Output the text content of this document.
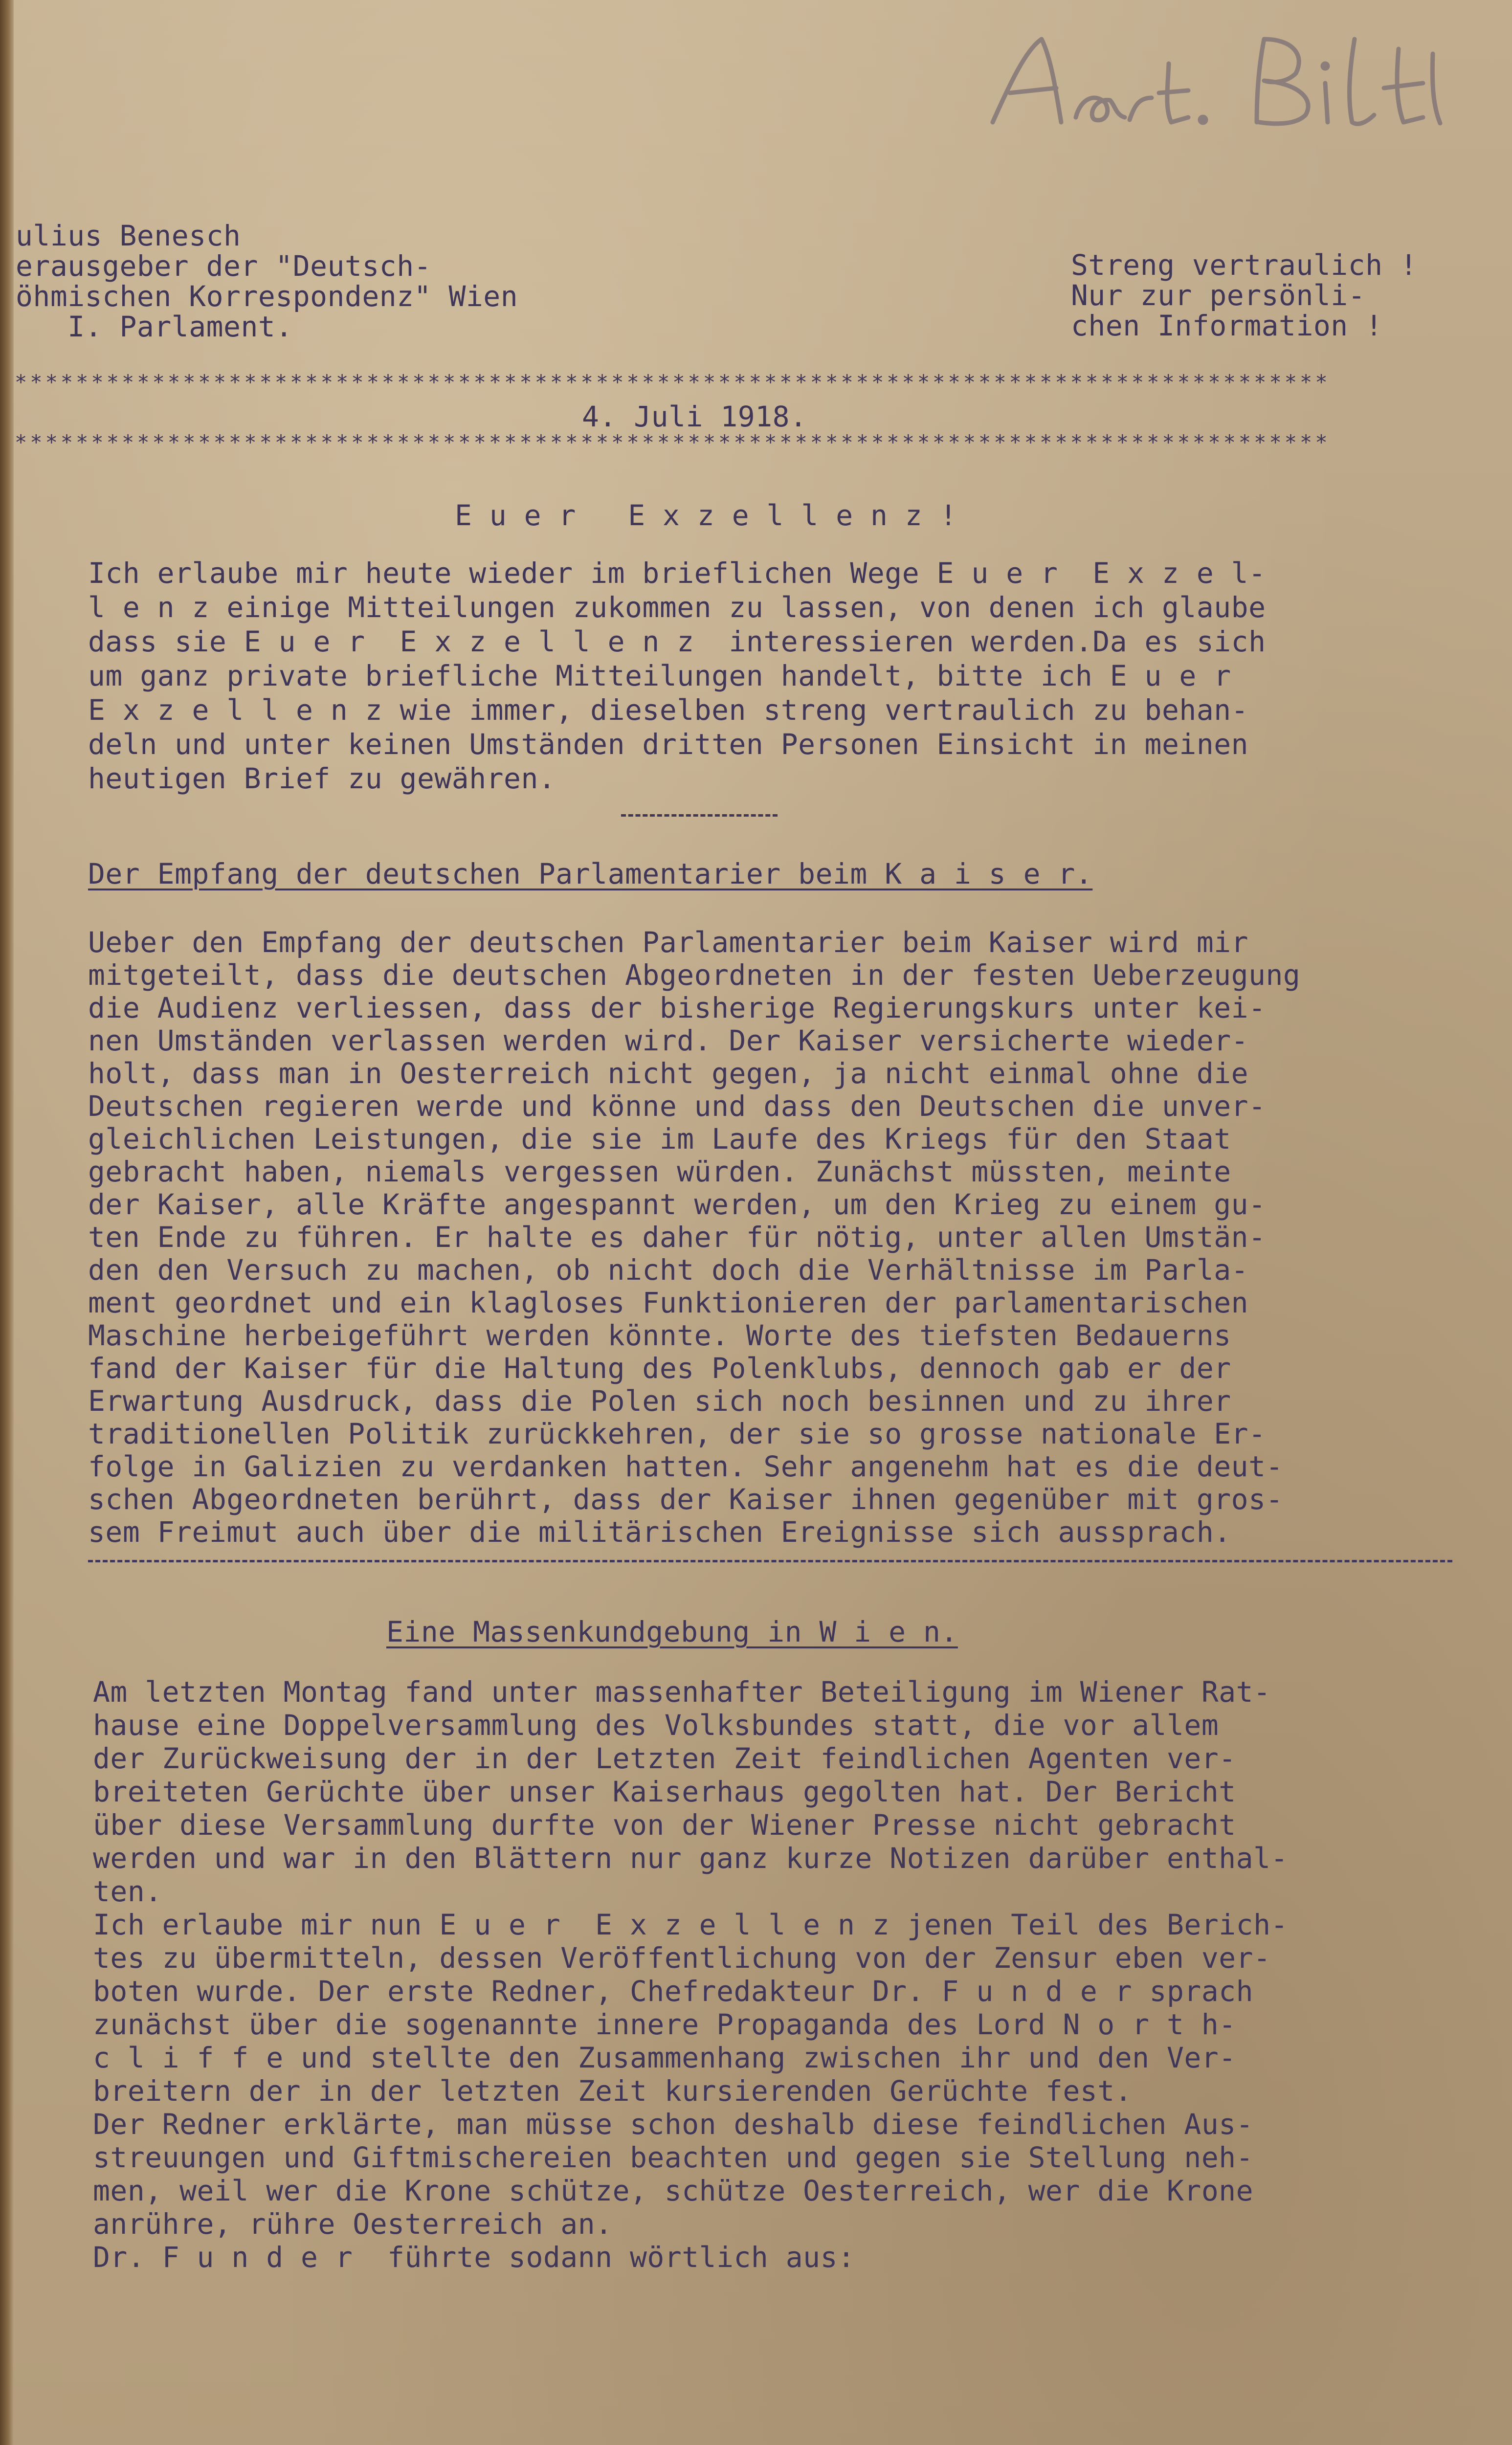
ulius Benesch
erausgeber der "Deutsch-
öhmischen Korrespondenz" Wien
I. Parlament.
Streng vertraulich !
Nur zur persönli-
chen Information !
**************************************************************************************
4. Juli 1918.
**************************************************************************************
E u e r   E x z e l l e n z !
Ich erlaube mir heute wieder im brieflichen Wege E u e r  E x z e l-
l e n z einige Mitteilungen zukommen zu lassen, von denen ich glaube
dass sie E u e r  E x z e l l e n z  interessieren werden.Da es sich
um ganz private briefliche Mitteilungen handelt, bitte ich E u e r
E x z e l l e n z wie immer, dieselben streng vertraulich zu behan-
deln und unter keinen Umständen dritten Personen Einsicht in meinen
heutigen Brief zu gewähren.
Der Empfang der deutschen Parlamentarier beim K a i s e r.
Ueber den Empfang der deutschen Parlamentarier beim Kaiser wird mir
mitgeteilt, dass die deutschen Abgeordneten in der festen Ueberzeugung
die Audienz verliessen, dass der bisherige Regierungskurs unter kei-
nen Umständen verlassen werden wird. Der Kaiser versicherte wieder-
holt, dass man in Oesterreich nicht gegen, ja nicht einmal ohne die
Deutschen regieren werde und könne und dass den Deutschen die unver-
gleichlichen Leistungen, die sie im Laufe des Kriegs für den Staat
gebracht haben, niemals vergessen würden. Zunächst müssten, meinte
der Kaiser, alle Kräfte angespannt werden, um den Krieg zu einem gu-
ten Ende zu führen. Er halte es daher für nötig, unter allen Umstän-
den den Versuch zu machen, ob nicht doch die Verhältnisse im Parla-
ment geordnet und ein klagloses Funktionieren der parlamentarischen
Maschine herbeigeführt werden könnte. Worte des tiefsten Bedauerns
fand der Kaiser für die Haltung des Polenklubs, dennoch gab er der
Erwartung Ausdruck, dass die Polen sich noch besinnen und zu ihrer
traditionellen Politik zurückkehren, der sie so grosse nationale Er-
folge in Galizien zu verdanken hatten. Sehr angenehm hat es die deut-
schen Abgeordneten berührt, dass der Kaiser ihnen gegenüber mit gros-
sem Freimut auch über die militärischen Ereignisse sich aussprach.
Eine Massenkundgebung in W i e n.
Am letzten Montag fand unter massenhafter Beteiligung im Wiener Rat-
hause eine Doppelversammlung des Volksbundes statt, die vor allem
der Zurückweisung der in der Letzten Zeit feindlichen Agenten ver-
breiteten Gerüchte über unser Kaiserhaus gegolten hat. Der Bericht
über diese Versammlung durfte von der Wiener Presse nicht gebracht
werden und war in den Blättern nur ganz kurze Notizen darüber enthal-
ten.
Ich erlaube mir nun E u e r  E x z e l l e n z jenen Teil des Berich-
tes zu übermitteln, dessen Veröffentlichung von der Zensur eben ver-
boten wurde. Der erste Redner, Chefredakteur Dr. F u n d e r sprach
zunächst über die sogenannte innere Propaganda des Lord N o r t h-
c l i f f e und stellte den Zusammenhang zwischen ihr und den Ver-
breitern der in der letzten Zeit kursierenden Gerüchte fest.
Der Redner erklärte, man müsse schon deshalb diese feindlichen Aus-
streuungen und Giftmischereien beachten und gegen sie Stellung neh-
men, weil wer die Krone schütze, schütze Oesterreich, wer die Krone
anrühre, rühre Oesterreich an.
Dr. F u n d e r  führte sodann wörtlich aus:
